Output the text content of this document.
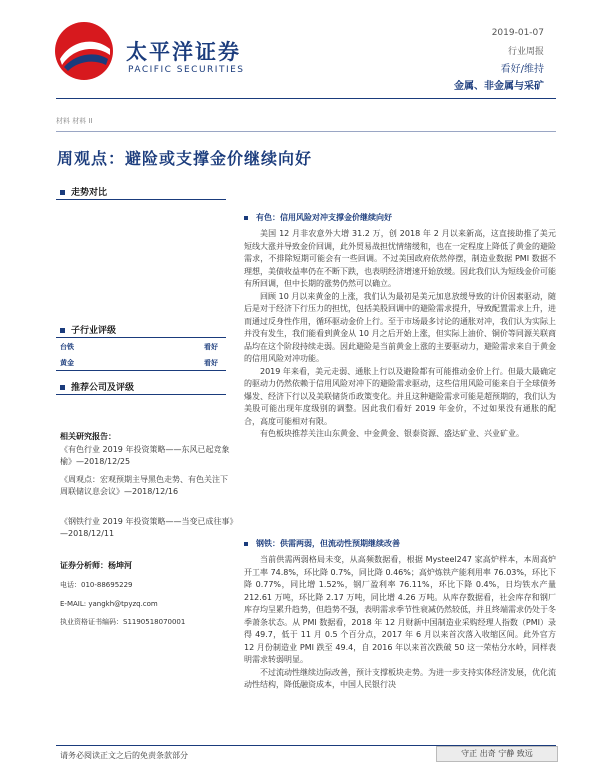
太平洋证券
PACIFIC SECURITIES
2019-01-07
行业周报
看好/维持
金属、非金属与采矿
材料 材料 II
周观点：避险或支撑金价继续向好
走势对比
子行业评级
台铁	看好
黄金	看好
推荐公司及评级
相关研究报告：
《有色行业 2019 年投资策略——东风已起竞象榆》—2018/12/25
《周观点：宏观预期主导黑色走势、有色关注下周联储议息会议》—2018/12/16
《钢铁行业 2019 年投资策略——当变已成往事》—2018/12/11
证券分析师：杨坤河
电话：010-88695229
E-MAIL: yangkh@tpyzq.com
执业资格证书编码：S1190518070001
有色：信用风险对冲支撑金价继续向好

美国 12 月非农意外大增 31.2 万，创 2018 年 2 月以来新高，这直接助推了美元短线大涨并导致金价回调，此外贸易战担忧情绪缓和，也在一定程度上降低了黄金的避险需求，不排除短期可能会有一些回调。不过美国政府依然停摆，制造业数据 PMI 数据不理想，美债收益率仍在不断下跌，也表明经济增速开始放缓。因此我们认为短线金价可能有所回调，但中长期的涨势仍然可以确立。

回顾 10 月以来黄金的上涨，我们认为最初是美元加息放缓导致的计价因素驱动，随后是对于经济下行压力的担忧，包括美股回调中的避险需求提升，导致配置需求上升，进而通过反身性作用，循环驱动金价上行。至于市场最多讨论的通胀对冲，我们认为实际上并没有发生，我们能看到黄金从 10 月之后开始上涨，但实际上油价、铜价等同源关联商品均在这个阶段持续走弱。因此避险是当前黄金上涨的主要驱动力，避险需求来自于黄金的信用风险对冲功能。

2019 年来看，美元走弱、通胀上行以及避险都有可能推动金价上行。但最大最确定的驱动力仍然依赖于信用风险对冲下的避险需求驱动，这些信用风险可能来自于全球债务爆发、经济下行以及美联储货币政策变化。并且这种避险需求可能是超预期的，我们认为美股可能出现年度级别的调整。因此我们看好 2019 年金价，不过如果没有通胀的配合，高度可能相对有限。

有色板块推荐关注山东黄金、中金黄金、银泰资源、盛达矿业、兴业矿业。

钢铁：供需两弱，但流动性预期继续改善

当前供需两弱格局未变，从高频数据看，根据 Mysteel247 家高炉样本，本周高炉开工率 74.8%，环比降 0.7%，同比降 0.46%；高炉炼铁产能利用率 76.03%，环比下降 0.77%，同比增 1.52%，钢厂盈利率 76.11%，环比下降 0.4%，日均铁水产量 212.61 万吨，环比降 2.17 万吨，同比增 4.26 万吨。从库存数据看，社会库存和钢厂库存均呈累升趋势，但趋势不强，表明需求季节性衰减仍然较低，并且终端需求仍处于冬季萧条状态。从 PMI 数据看，2018 年 12 月财新中国制造业采购经理人指数（PMI）录得 49.7，低于 11 月 0.5 个百分点，2017 年 6 月以来首次落入收缩区间。此外官方 12 月份制造业 PMI 跌至 49.4，自 2016 年以来首次跌破 50 这一荣枯分水岭，同样表明需求转弱明显。

不过流动性继续边际改善，预计支撑板块走势。为进一步支持实体经济发展，优化流动性结构，降低融资成本，中国人民银行决

请务必阅读正文之后的免责条款部分	守正 出奇 宁静 致远
